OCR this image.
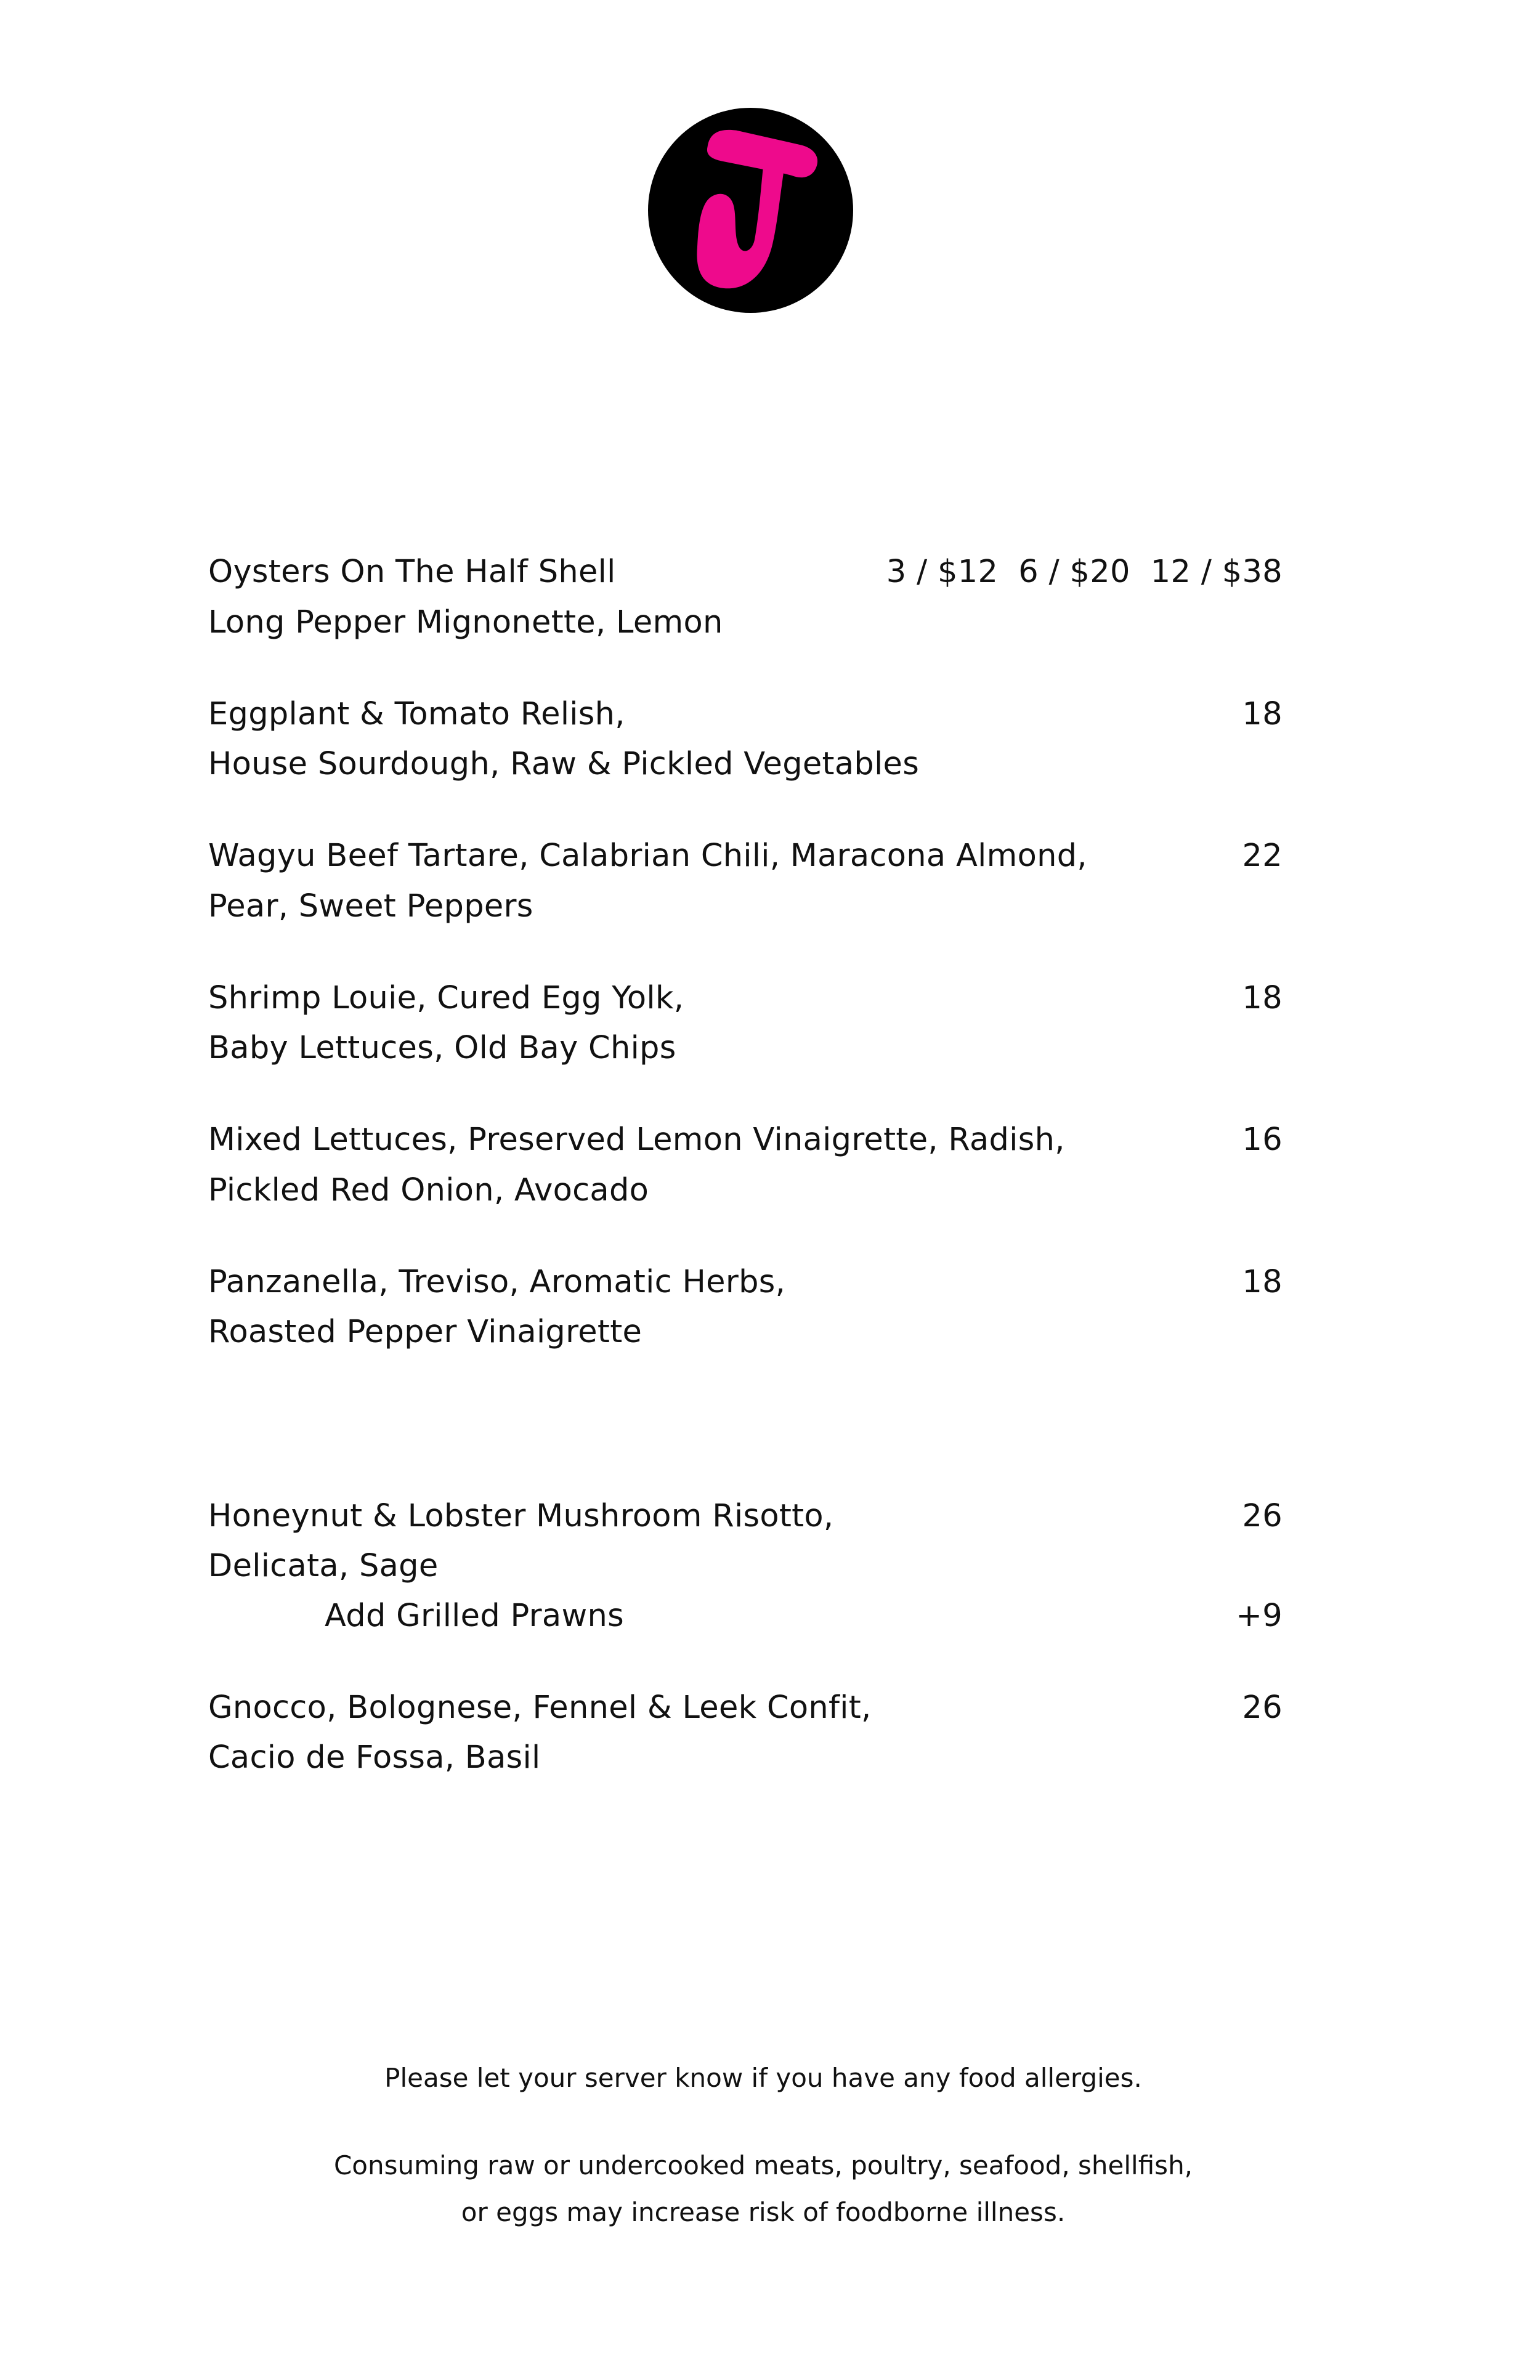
Oysters On The Half Shell	3 / $12  6 / $20  12 / $38
Long Pepper Mignonette, Lemon
Eggplant & Tomato Relish,	18
House Sourdough, Raw & Pickled Vegetables
Wagyu Beef Tartare, Calabrian Chili, Maracona Almond,	22
Pear, Sweet Peppers
Shrimp Louie, Cured Egg Yolk,	18
Baby Lettuces, Old Bay Chips
Mixed Lettuces, Preserved Lemon Vinaigrette, Radish,	16
Pickled Red Onion, Avocado
Panzanella, Treviso, Aromatic Herbs,	18
Roasted Pepper Vinaigrette
Honeynut & Lobster Mushroom Risotto,	26
Delicata, Sage
Add Grilled Prawns	+9
Gnocco, Bolognese, Fennel & Leek Confit,	26
Cacio de Fossa, Basil
Please let your server know if you have any food allergies.
Consuming raw or undercooked meats, poultry, seafood, shellfish,
or eggs may increase risk of foodborne illness.
